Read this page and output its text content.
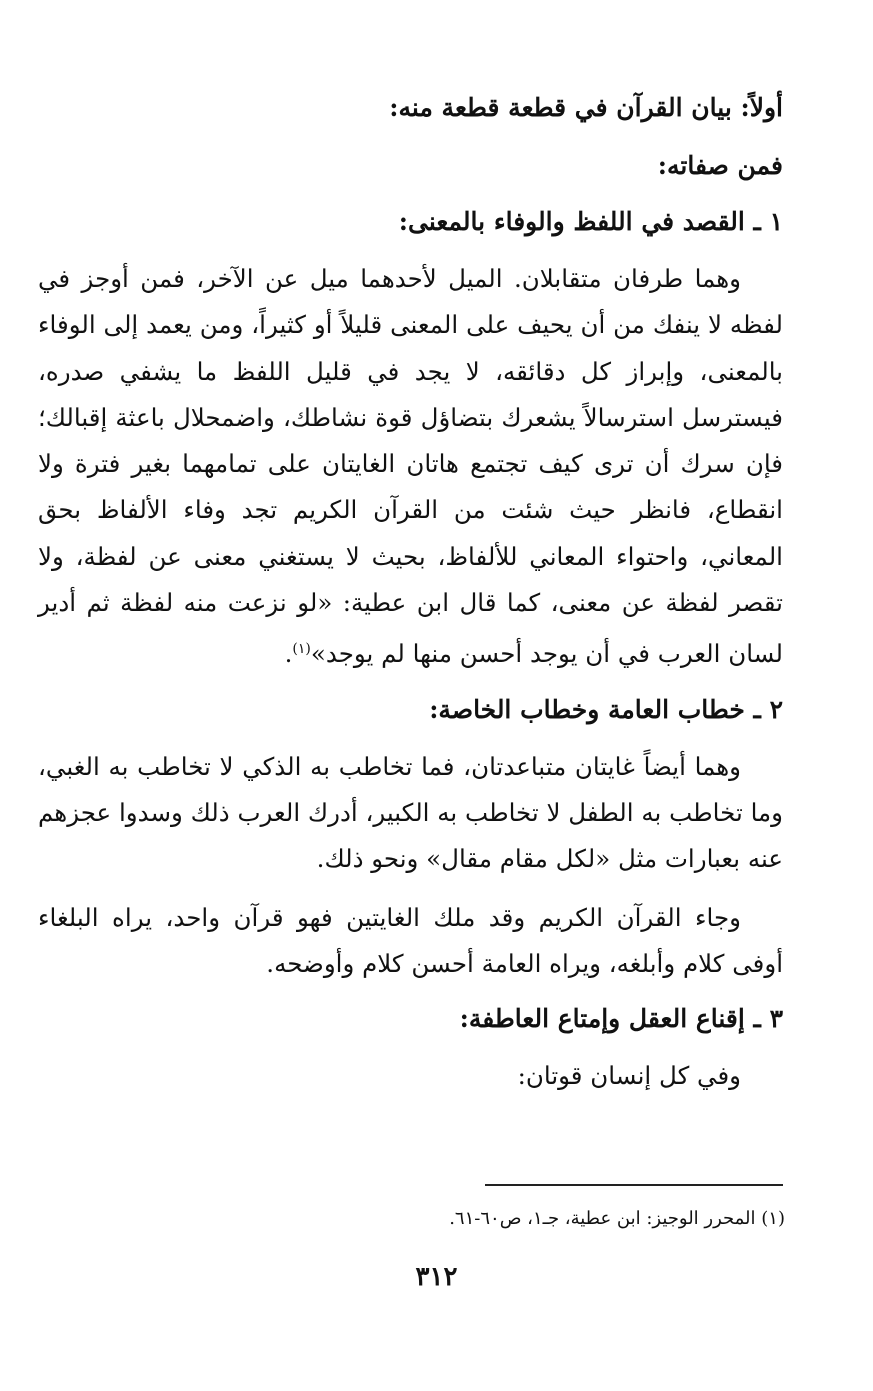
أولاً: بيان القرآن في قطعة قطعة منه:

فمن صفاته:

١ ـ القصد في اللفظ والوفاء بالمعنى:

وهما طرفان متقابلان. الميل لأحدهما ميل عن الآخر، فمن أوجز في لفظه لا ينفك من أن يحيف على المعنى قليلاً أو كثيراً، ومن يعمد إلى الوفاء بالمعنى، وإبراز كل دقائقه، لا يجد في قليل اللفظ ما يشفي صدره، فيسترسل استرسالاً يشعرك بتضاؤل قوة نشاطك، واضمحلال باعثة إقبالك؛ فإن سرك أن ترى كيف تجتمع هاتان الغايتان على تمامهما بغير فترة ولا انقطاع، فانظر حيث شئت من القرآن الكريم تجد وفاء الألفاظ بحق المعاني، واحتواء المعاني للألفاظ، بحيث لا يستغني معنى عن لفظة، ولا تقصر لفظة عن معنى، كما قال ابن عطية: «لو نزعت منه لفظة ثم أدير لسان العرب في أن يوجد أحسن منها لم يوجد»$^{(١)}$.

٢ ـ خطاب العامة وخطاب الخاصة:

وهما أيضاً غايتان متباعدتان، فما تخاطب به الذكي لا تخاطب به الغبي، وما تخاطب به الطفل لا تخاطب به الكبير، أدرك العرب ذلك وسدوا عجزهم عنه بعبارات مثل «لكل مقام مقال» ونحو ذلك.

وجاء القرآن الكريم وقد ملك الغايتين فهو قرآن واحد، يراه البلغاء أوفى كلام وأبلغه، ويراه العامة أحسن كلام وأوضحه.

٣ ـ إقناع العقل وإمتاع العاطفة:

وفي كل إنسان قوتان:

(١) المحرر الوجيز: ابن عطية، جـ١، ص٦٠-٦١.
٣١٢
